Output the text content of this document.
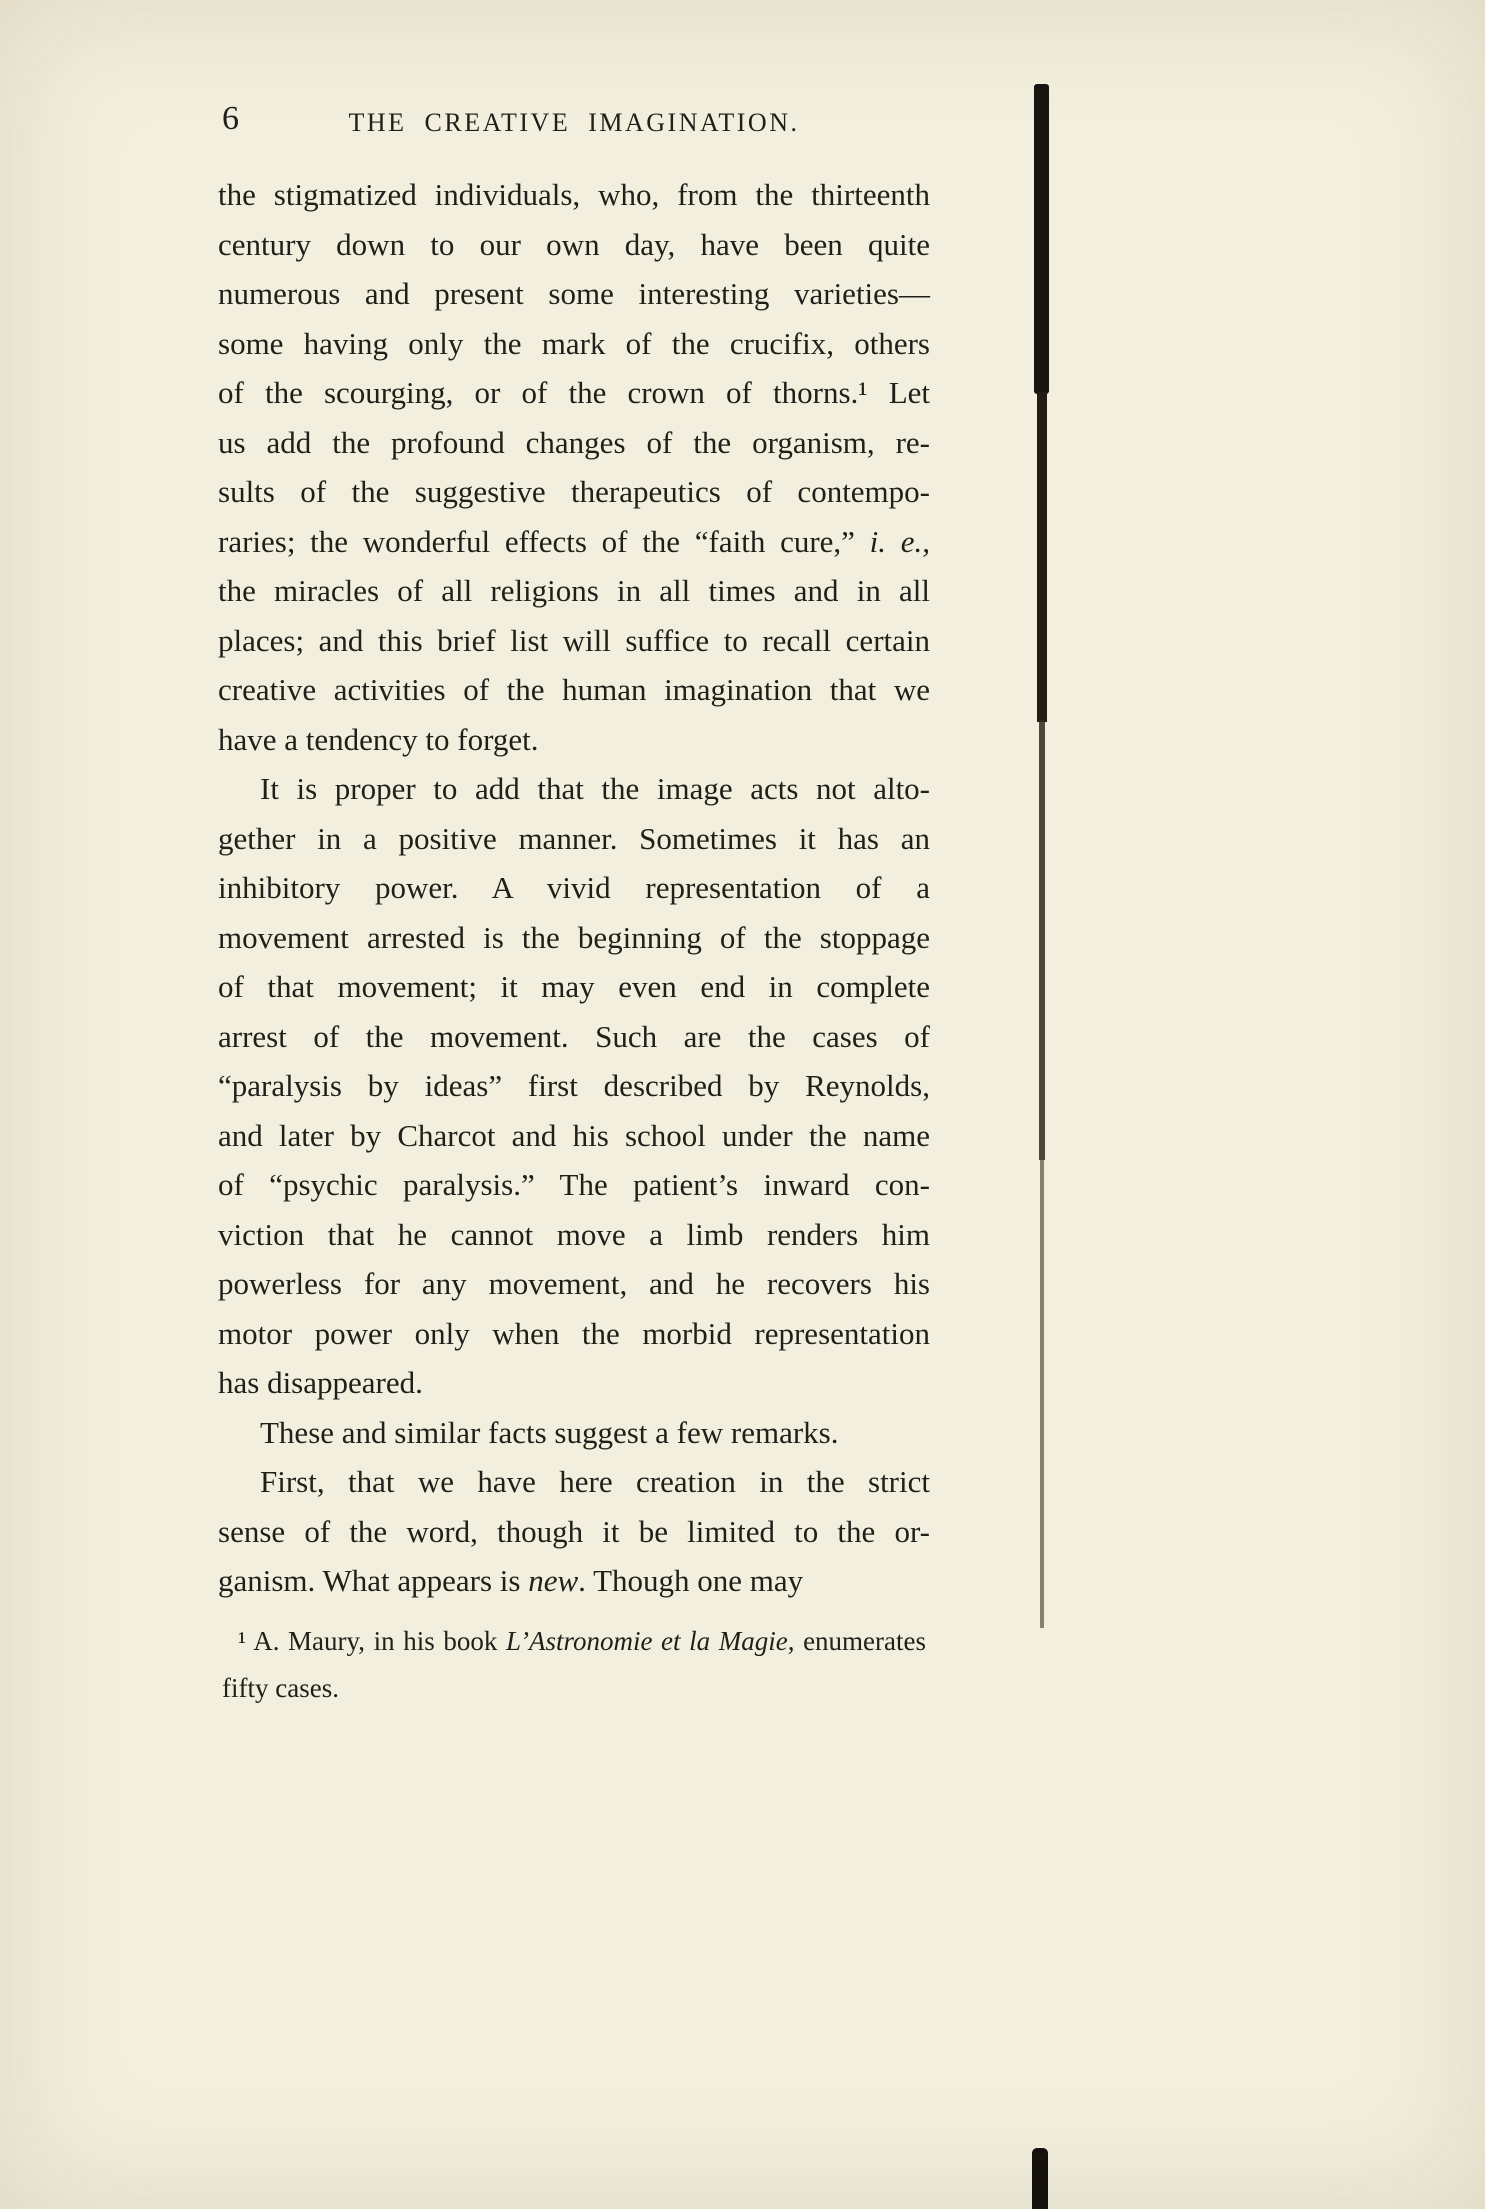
6	THE CREATIVE IMAGINATION.
the stigmatized individuals, who, from the thirteenth
century down to our own day, have been quite
numerous and present some interesting varieties—
some having only the mark of the crucifix, others
of the scourging, or of the crown of thorns.¹ Let
us add the profound changes of the organism, re-
sults of the suggestive therapeutics of contempo-
raries; the wonderful effects of the “faith cure,” i. e.,
the miracles of all religions in all times and in all
places; and this brief list will suffice to recall certain
creative activities of the human imagination that we
have a tendency to forget.
It is proper to add that the image acts not alto-
gether in a positive manner. Sometimes it has an
inhibitory power. A vivid representation of a
movement arrested is the beginning of the stoppage
of that movement; it may even end in complete
arrest of the movement. Such are the cases of
“paralysis by ideas” first described by Reynolds,
and later by Charcot and his school under the name
of “psychic paralysis.” The patient’s inward con-
viction that he cannot move a limb renders him
powerless for any movement, and he recovers his
motor power only when the morbid representation
has disappeared.
These and similar facts suggest a few remarks.
First, that we have here creation in the strict
sense of the word, though it be limited to the or-
ganism. What appears is new. Though one may
¹ A. Maury, in his book L’Astronomie et la Magie, enumerates
fifty cases.
